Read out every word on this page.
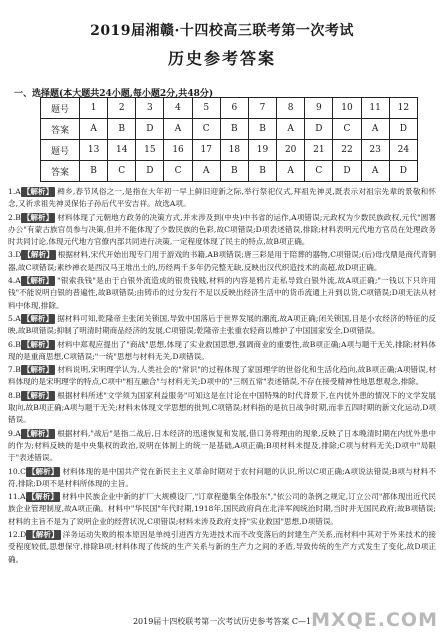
2019届湘赣·十四校高三联考第一次考试
历史参考答案
一、选择题(本大题共24小题,每小题2分,共48分)
题号	1	2	3	4	5	6	7	8	9	10	11	12
答案	A	B	D	A	C	B	B	A	D	C	A	D
题号	13	14	15	16	17	18	19	20	21	22	23	24
答案	B	C	D	C	A	B	B	A	C	D	A	D

1.A 【解析】 稗乡,春节风俗之一,是指在大年初一早上鲜旧迎新之际,举行祭祀仪式,拜祖先神灵,既表示对祖宗先辈的景敬和怀念,又祈求祖先神灵保佑子孙后代平安吉祥。故选A项。

2.B 【解析】 材料体现了元朝地方政务的决策方式,并未涉及到(中央)中书省的运作,A项错误;元政权为少数民族政权,元代"圆署办公"有蒙古族官员参与决策,但并不能体现了少数民族的色彩,故C项错误;D项表述错误,排除;材料表明元代地方官员在处理政务时共同讨论,体现元代地方官僚内部共同进行决策,一定程度体现了民主的特点,故B项正确。

3.D 【解析】 根据材料,宋代开始出现专门用于游戏的书籍,AB项错误;唐三彩是用于陪葬的器物,C项错误;(后)母戊鼎是商代青铜器,故C项错误;素纱禅衣是西汉马王堆出土的,历经两千多年仍完整无缺,反映出汉代织造技术的高超,故D项正确。

4.A 【解析】 "银索我钱"是由于白银外流造成的银贵钱贱,材料的内容是鸦片走私导致白银外流,故A项正确;"一钱以下只许用钱"不能说明白银的普遍性,故B项错误;由铸币的过分发行不足以反映出经济生活中的货币流通上升到以货,C项错误;D项无法从材料中体现,排除。

5.A 【解析】 据材料可知,乾隆帝主张闭关锁国,导致中国落后于世界发展的潮流,故A项正确;闭关锁国,目是小农经济的特征的反映,故B项错误;抑制了明清时期商品经济的发展,C项错误;乾隆帝主张重农轻商以维护了中国国家安全,D项错误。

6.B 【解析】 材料中郑观应提出了"商战"思想,体现了实业救国思想,强调商业的重要性,故B项正确;A项与题干无关,排除;材料体现的是重商思想,C项错误;"一统"思想与材料无关,D项错误。

7.B 【解析】 材料说明,宋明理学认为,人类社会的"常识"的过程体现了家国理学的世俗化和生活化趋向,故B项正确;A项错误,材料体现的是宋明理学的特点,C项中"相互融合"与材料无关;D项中的"三纲五常"表述错误,不存在接受精神性地思想观念,排除。

8.B 【解析】 根据材料所述"文学须为国家利益服务"可知这是在讨论在中国特殊的时代背景下,在内忧外患的情况下的文学发展取向,故B项正确;A项与题干无关;材料未体现文学思想的批判,C项错误;材料指的是抗日战争时期,而非五四时期的新文化运动,D项错误。

9.A 【解析】 根据材料,"战后"是指二战后,日本经济的迅速恢复和发展,借口务将理由的现象,反映了日本晚清时期在内忧外患中的作为;材料反映的是中央集权的政治,说明在体制上的统一是基础,A项正确;B项材料未提及,排除;C项与材料无关;D项中"局限于"表述错误。

10.C 【解析】 材料体现的是中国共产党在新民主主义革命时期对于农村问题的认识,所以C项正确;A项说法错误;B项与材料不符,排除;D项不是材料所体现的主旨。

11.A 【解析】 材料中民族企业中新的扩厂大规模设厂,"订章程邀集全体股东","依公司的条例之规定,订立公司"都体现出近代民族企业管理制度,故A项正确。材料中"华民国"年代时期,1918年,国民政府尚在北洋军阀统治时期,当时并无国民政府;故B项错误;材料的主旨不是为了说明企业的经营状况,C项错误;材料未涉及政府支持"实业救国"思想,D项错误。

12.D 【解析】 洋务运动失败的根本原因是单纯引进西方先进技术而不改变落后的封建生产关系,而材料中其对于外来技术的接受程度较低,思想保守,排除B项;材料体现了传统的生产关系与新的生产力之间的矛盾,导致传统的生产方式发生了变化,故D项正确。

2019届十四校联考第一次考试历史参考答案 C—1 MXQE.COM
